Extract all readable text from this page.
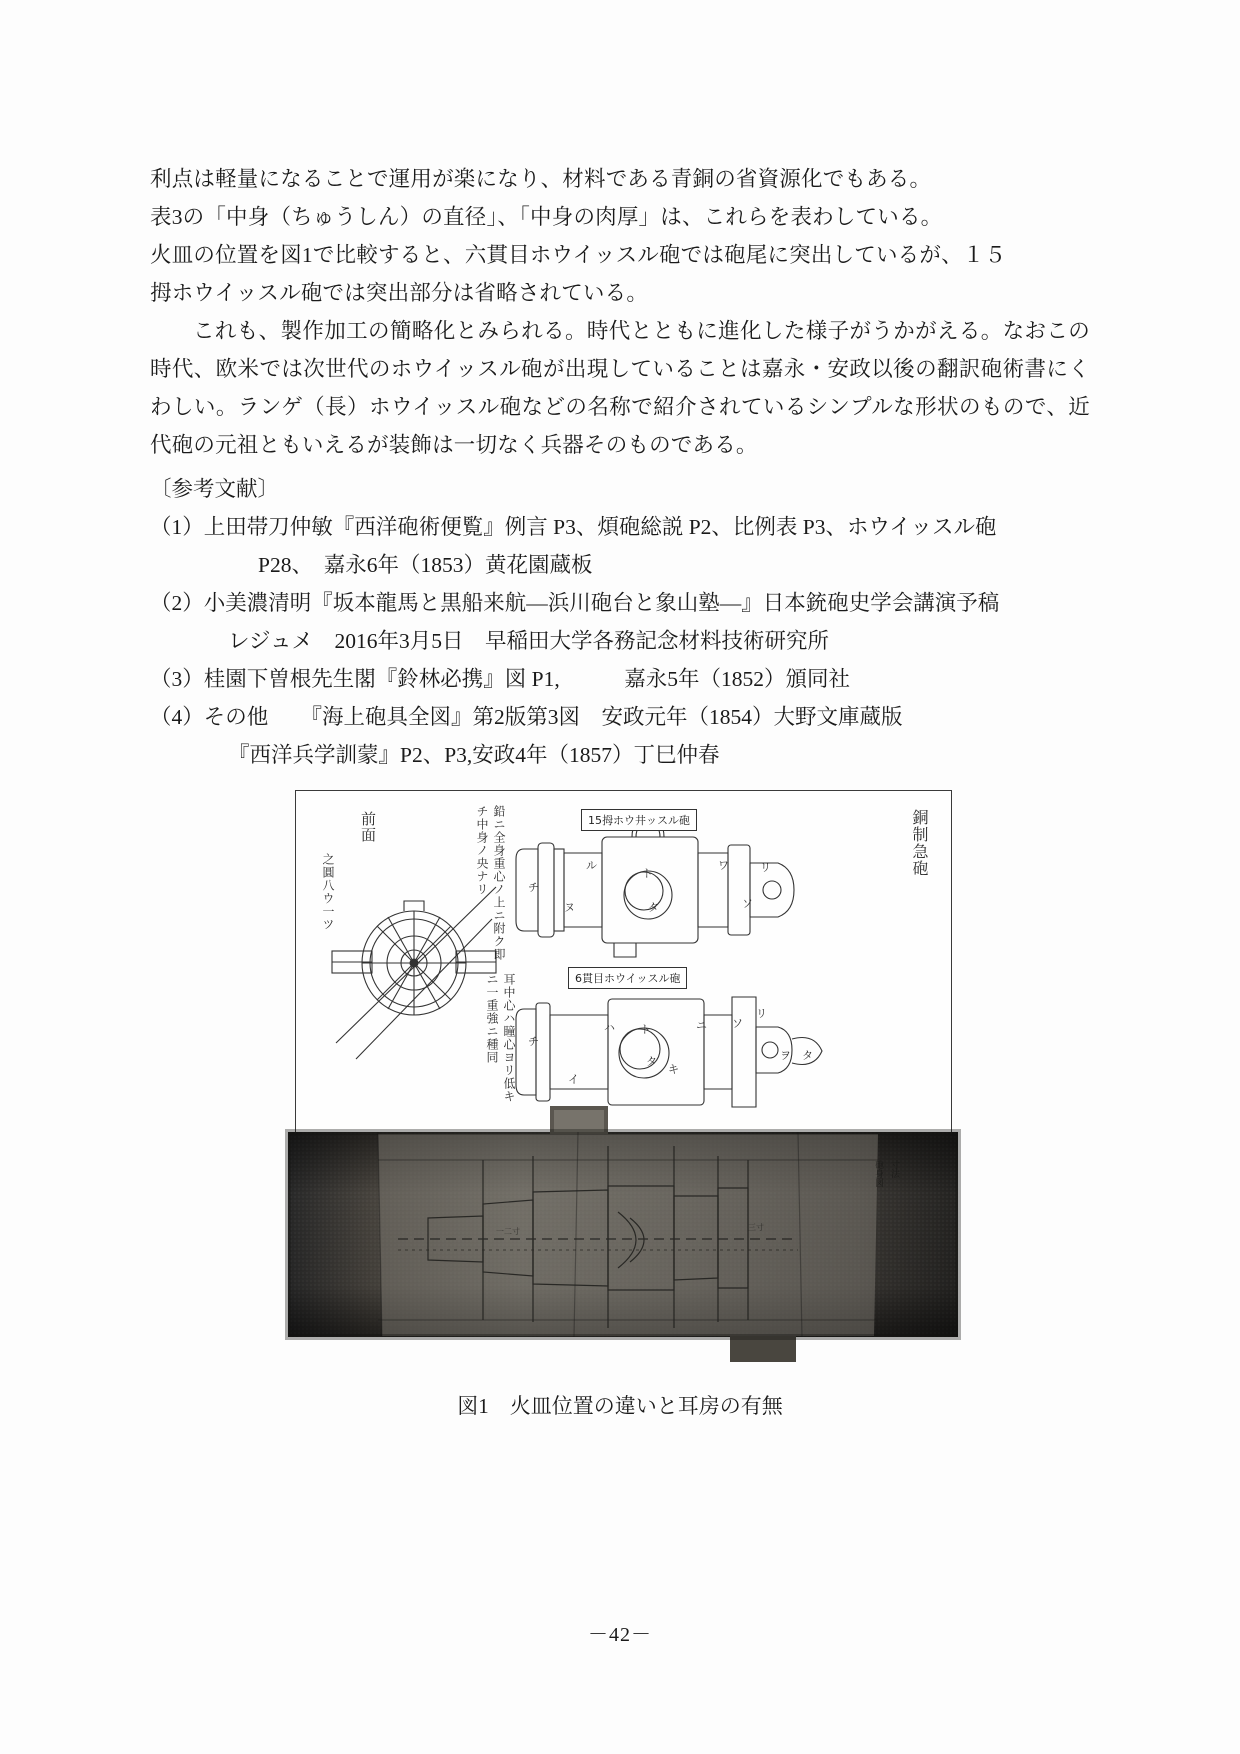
利点は軽量になることで運用が楽になり、材料である青銅の省資源化でもある。

表3の「中身（ちゅうしん）の直径」、「中身の肉厚」は、これらを表わしている。

火皿の位置を図1で比較すると、六貫目ホウイッスル砲では砲尾に突出しているが、１５

拇ホウイッスル砲では突出部分は省略されている。

これも、製作加工の簡略化とみられる。時代とともに進化した様子がうかがえる。なおこの時代、欧米では次世代のホウイッスル砲が出現していることは嘉永・安政以後の翻訳砲術書にくわしい。ランゲ（長）ホウイッスル砲などの名称で紹介されているシンプルな形状のもので、近代砲の元祖ともいえるが装飾は一切なく兵器そのものである。

〔参考文献〕
（1）上田帯刀仲敏『西洋砲術便覧』例言 P3、煩砲総説 P2、比例表 P3、ホウイッスル砲
P28、　嘉永6年（1853）黄花園蔵板
（2）小美濃清明『坂本龍馬と黒船来航―浜川砲台と象山塾―』日本銃砲史学会講演予稿
レジュメ　2016年3月5日　早稲田大学各務記念材料技術研究所
（3）桂園下曽根先生閣『鈴林必携』図 P1,　　　嘉永5年（1852）頒同社
（4）その他　　『海上砲具全図』第2版第3図　安政元年（1854）大野文庫蔵版
『西洋兵学訓蒙』P2、P3,安政4年（1857）丁巳仲春
チ
ヌ
ル
ト
タ
ワ
ソ
リ
チ
イ
ハ ト
タ
キ
ニ ソ
リ
ヲ タ
15拇ホウ井ッスル砲
6貫目ホウイッスル砲
銅制急砲
前面	鉛ニ全身重心ノ上ニ附ク即チ中身ノ央ナリ
之圓八ウ一ツ
耳中心ハ瞳心ヨリ低キニ一重強ニ種同
砲身図 寸法
一二寸	三寸
図1　火皿位置の違いと耳房の有無
－42－
